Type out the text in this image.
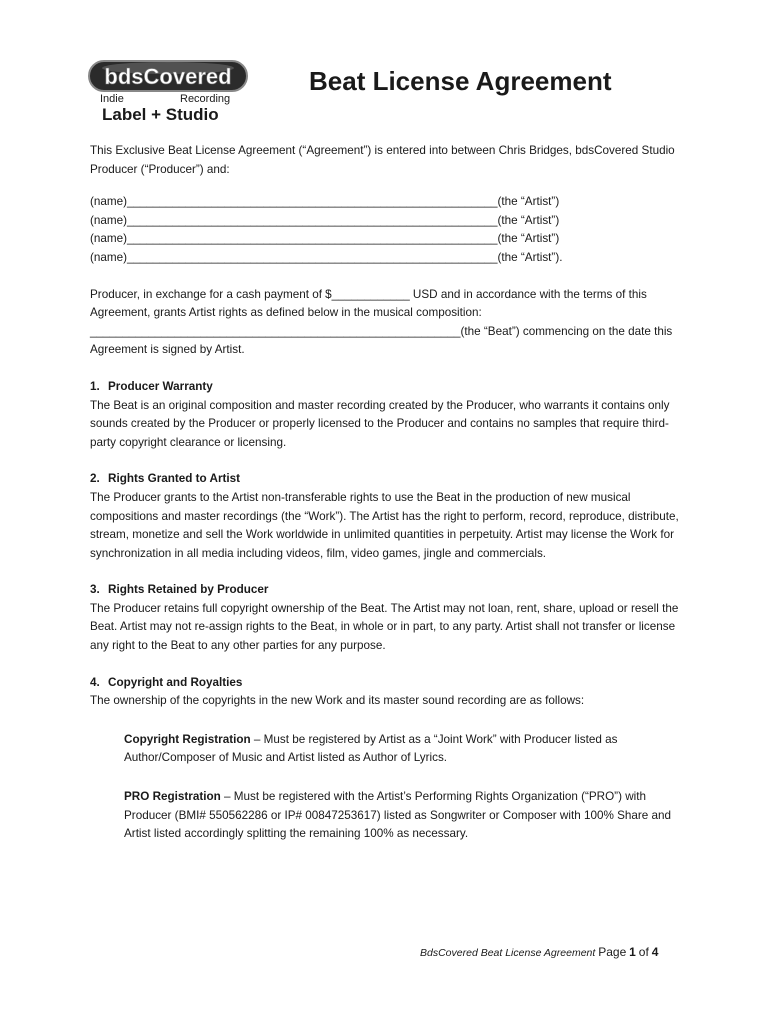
bdsCovered
Indie	Recording
Label + Studio
Beat License Agreement

This Exclusive Beat License Agreement (“Agreement”) is entered into between Chris Bridges, bdsCovered Studio Producer (“Producer”) and:

(name)_________________________________________________________(the “Artist”)
(name)_________________________________________________________(the “Artist”)
(name)_________________________________________________________(the “Artist”)
(name)_________________________________________________________(the “Artist”).

Producer, in exchange for a cash payment of $____________ USD and in accordance with the terms of this Agreement, grants Artist rights as defined below in the musical composition: _________________________________________________________(the “Beat”) commencing on the date this Agreement is signed by Artist.

1. Producer Warranty

The Beat is an original composition and master recording created by the Producer, who warrants it contains only sounds created by the Producer or properly licensed to the Producer and contains no samples that require third-party copyright clearance or licensing.

2. Rights Granted to Artist

The Producer grants to the Artist non-transferable rights to use the Beat in the production of new musical compositions and master recordings (the “Work”). The Artist has the right to perform, record, reproduce, distribute, stream, monetize and sell the Work worldwide in unlimited quantities in perpetuity. Artist may license the Work for synchronization in all media including videos, film, video games, jingle and commercials.

3. Rights Retained by Producer

The Producer retains full copyright ownership of the Beat. The Artist may not loan, rent, share, upload or resell the Beat. Artist may not re-assign rights to the Beat, in whole or in part, to any party. Artist shall not transfer or license any right to the Beat to any other parties for any purpose.

4. Copyright and Royalties

The ownership of the copyrights in the new Work and its master sound recording are as follows:

Copyright Registration – Must be registered by Artist as a “Joint Work” with Producer listed as Author/Composer of Music and Artist listed as Author of Lyrics.

PRO Registration – Must be registered with the Artist’s Performing Rights Organization (“PRO”) with Producer (BMI# 550562286 or IP# 00847253617) listed as Songwriter or Composer with 100% Share and Artist listed accordingly splitting the remaining 100% as necessary.

BdsCovered Beat License Agreement Page 1 of 4
